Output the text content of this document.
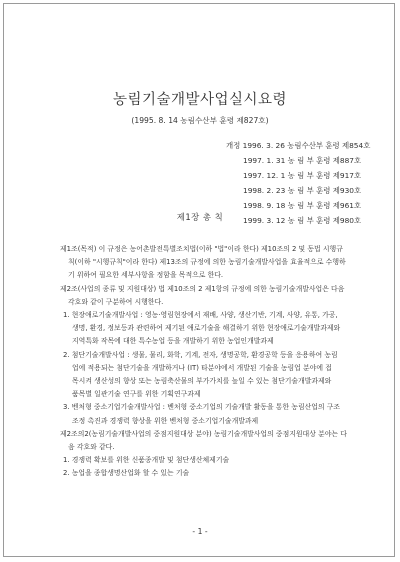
농림기술개발사업실시요령
(1995. 8. 14 농림수산부 훈령 제827호)
개정 1996. 3. 26 농림수산부 훈령 제854호
1997. 1. 31 농 림 부 훈령 제887호
1997. 12. 1 농 림 부 훈령 제917호
1998. 2. 23 농 림 부 훈령 제930호
1998. 9. 18 농 림 부 훈령 제961호
1999. 3. 12 농 림 부 훈령 제980호
제1장 총 칙
제1조(목적) 이 규정은 농어촌발전특별조치법(이하 "법"이라 한다) 제10조의 2 및 동법 시행규
칙(이하 "시행규칙"이라 한다) 제13조의 규정에 의한 농림기술개발사업을 효율적으로 수행하
기 위하여 필요한 세부사항을 정함을 목적으로 한다.
제2조(사업의 종류 및 지원대상) 법 제10조의 2 제1항의 규정에 의한 농림기술개발사업은 다음
각호와 같이 구분하여 시행한다.
1. 현장애로기술개발사업 : 영농·영림현장에서 재배, 사양, 생산기반, 기계, 사양, 유통, 가공,
생명, 환경, 정보등과 관련하여 제기된 애로기술을 해결하기 위한 현장애로기술개발과제와
지역특화 작목에 대한 특수농업 등을 개발하기 위한 농업인개발과제
2. 첨단기술개발사업 : 생물, 물리, 화학, 기계, 전자, 생명공학, 환경공학 등을 응용하여 농림
업에 적용되는 첨단기술을 개발하거나 (IT) 타분야에서 개발된 기술을 농림업 분야에 접
목시켜 생산성의 향상 또는 농림축산물의 부가가치를 높일 수 있는 첨단기술개발과제와
품목별 일관기술 연구를 위한 기획연구과제
3. 벤처형 중소기업기술개발사업 : 벤처형 중소기업의 기술개발 활동을 통한 농림산업의 구조
조정 촉진과 경쟁력 향상을 위한 벤처형 중소기업기술개발과제
제2조의2(농림기술개발사업의 중점지원대상 분야) 농림기술개발사업의 중점지원대상 분야는 다
음 각호와 같다.
1. 경쟁력 확보를 위한 신품종개발 및 첨단생산체제기술
2. 농업을 종합생명산업화 할 수 있는 기술
- 1 -
